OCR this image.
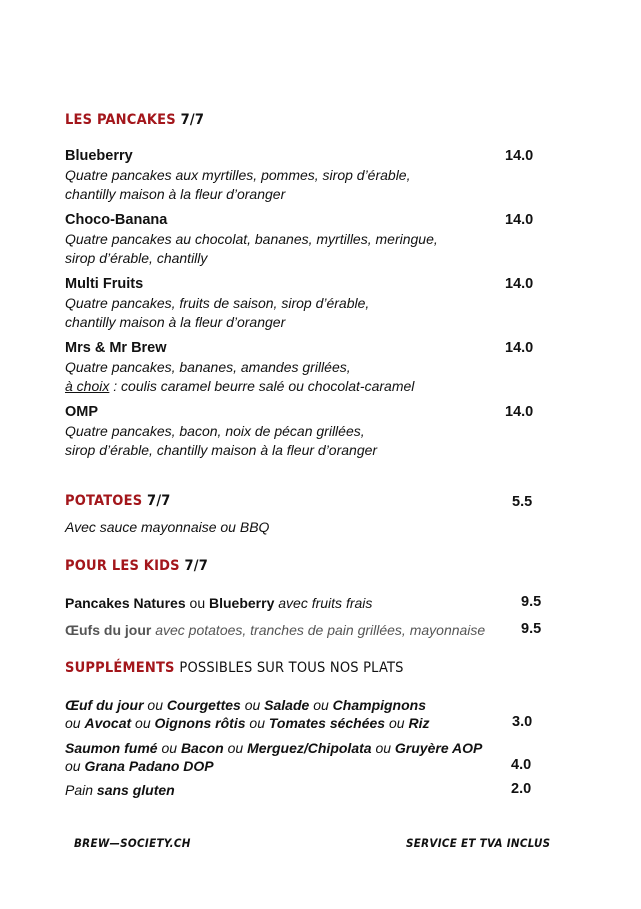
LES PANCAKES 7/7
Blueberry	14.0
Quatre pancakes aux myrtilles, pommes, sirop d’érable,
chantilly maison à la fleur d’oranger
Choco-Banana	14.0
Quatre pancakes au chocolat, bananes, myrtilles, meringue,
sirop d’érable, chantilly
Multi Fruits	14.0
Quatre pancakes, fruits de saison, sirop d’érable,
chantilly maison à la fleur d’oranger
Mrs & Mr Brew	14.0
Quatre pancakes, bananes, amandes grillées,
à choix : coulis caramel beurre salé ou chocolat-caramel
OMP	14.0
Quatre pancakes, bacon, noix de pécan grillées,
sirop d’érable, chantilly maison à la fleur d’oranger
POTATOES 7/7	5.5
Avec sauce mayonnaise ou BBQ
POUR LES KIDS 7/7
Pancakes Natures ou Blueberry avec fruits frais	9.5
Œufs du jour avec potatoes, tranches de pain grillées, mayonnaise 9.5
SUPPLÉMENTS POSSIBLES SUR TOUS NOS PLATS
Œuf du jour ou Courgettes ou Salade ou Champignons
ou Avocat ou Oignons rôtis ou Tomates séchées ou Riz	3.0
Saumon fumé ou Bacon ou Merguez/Chipolata ou Gruyère AOP
ou Grana Padano DOP	4.0
Pain sans gluten	2.0
BREW—SOCIETY.CH	SERVICE ET TVA INCLUS
